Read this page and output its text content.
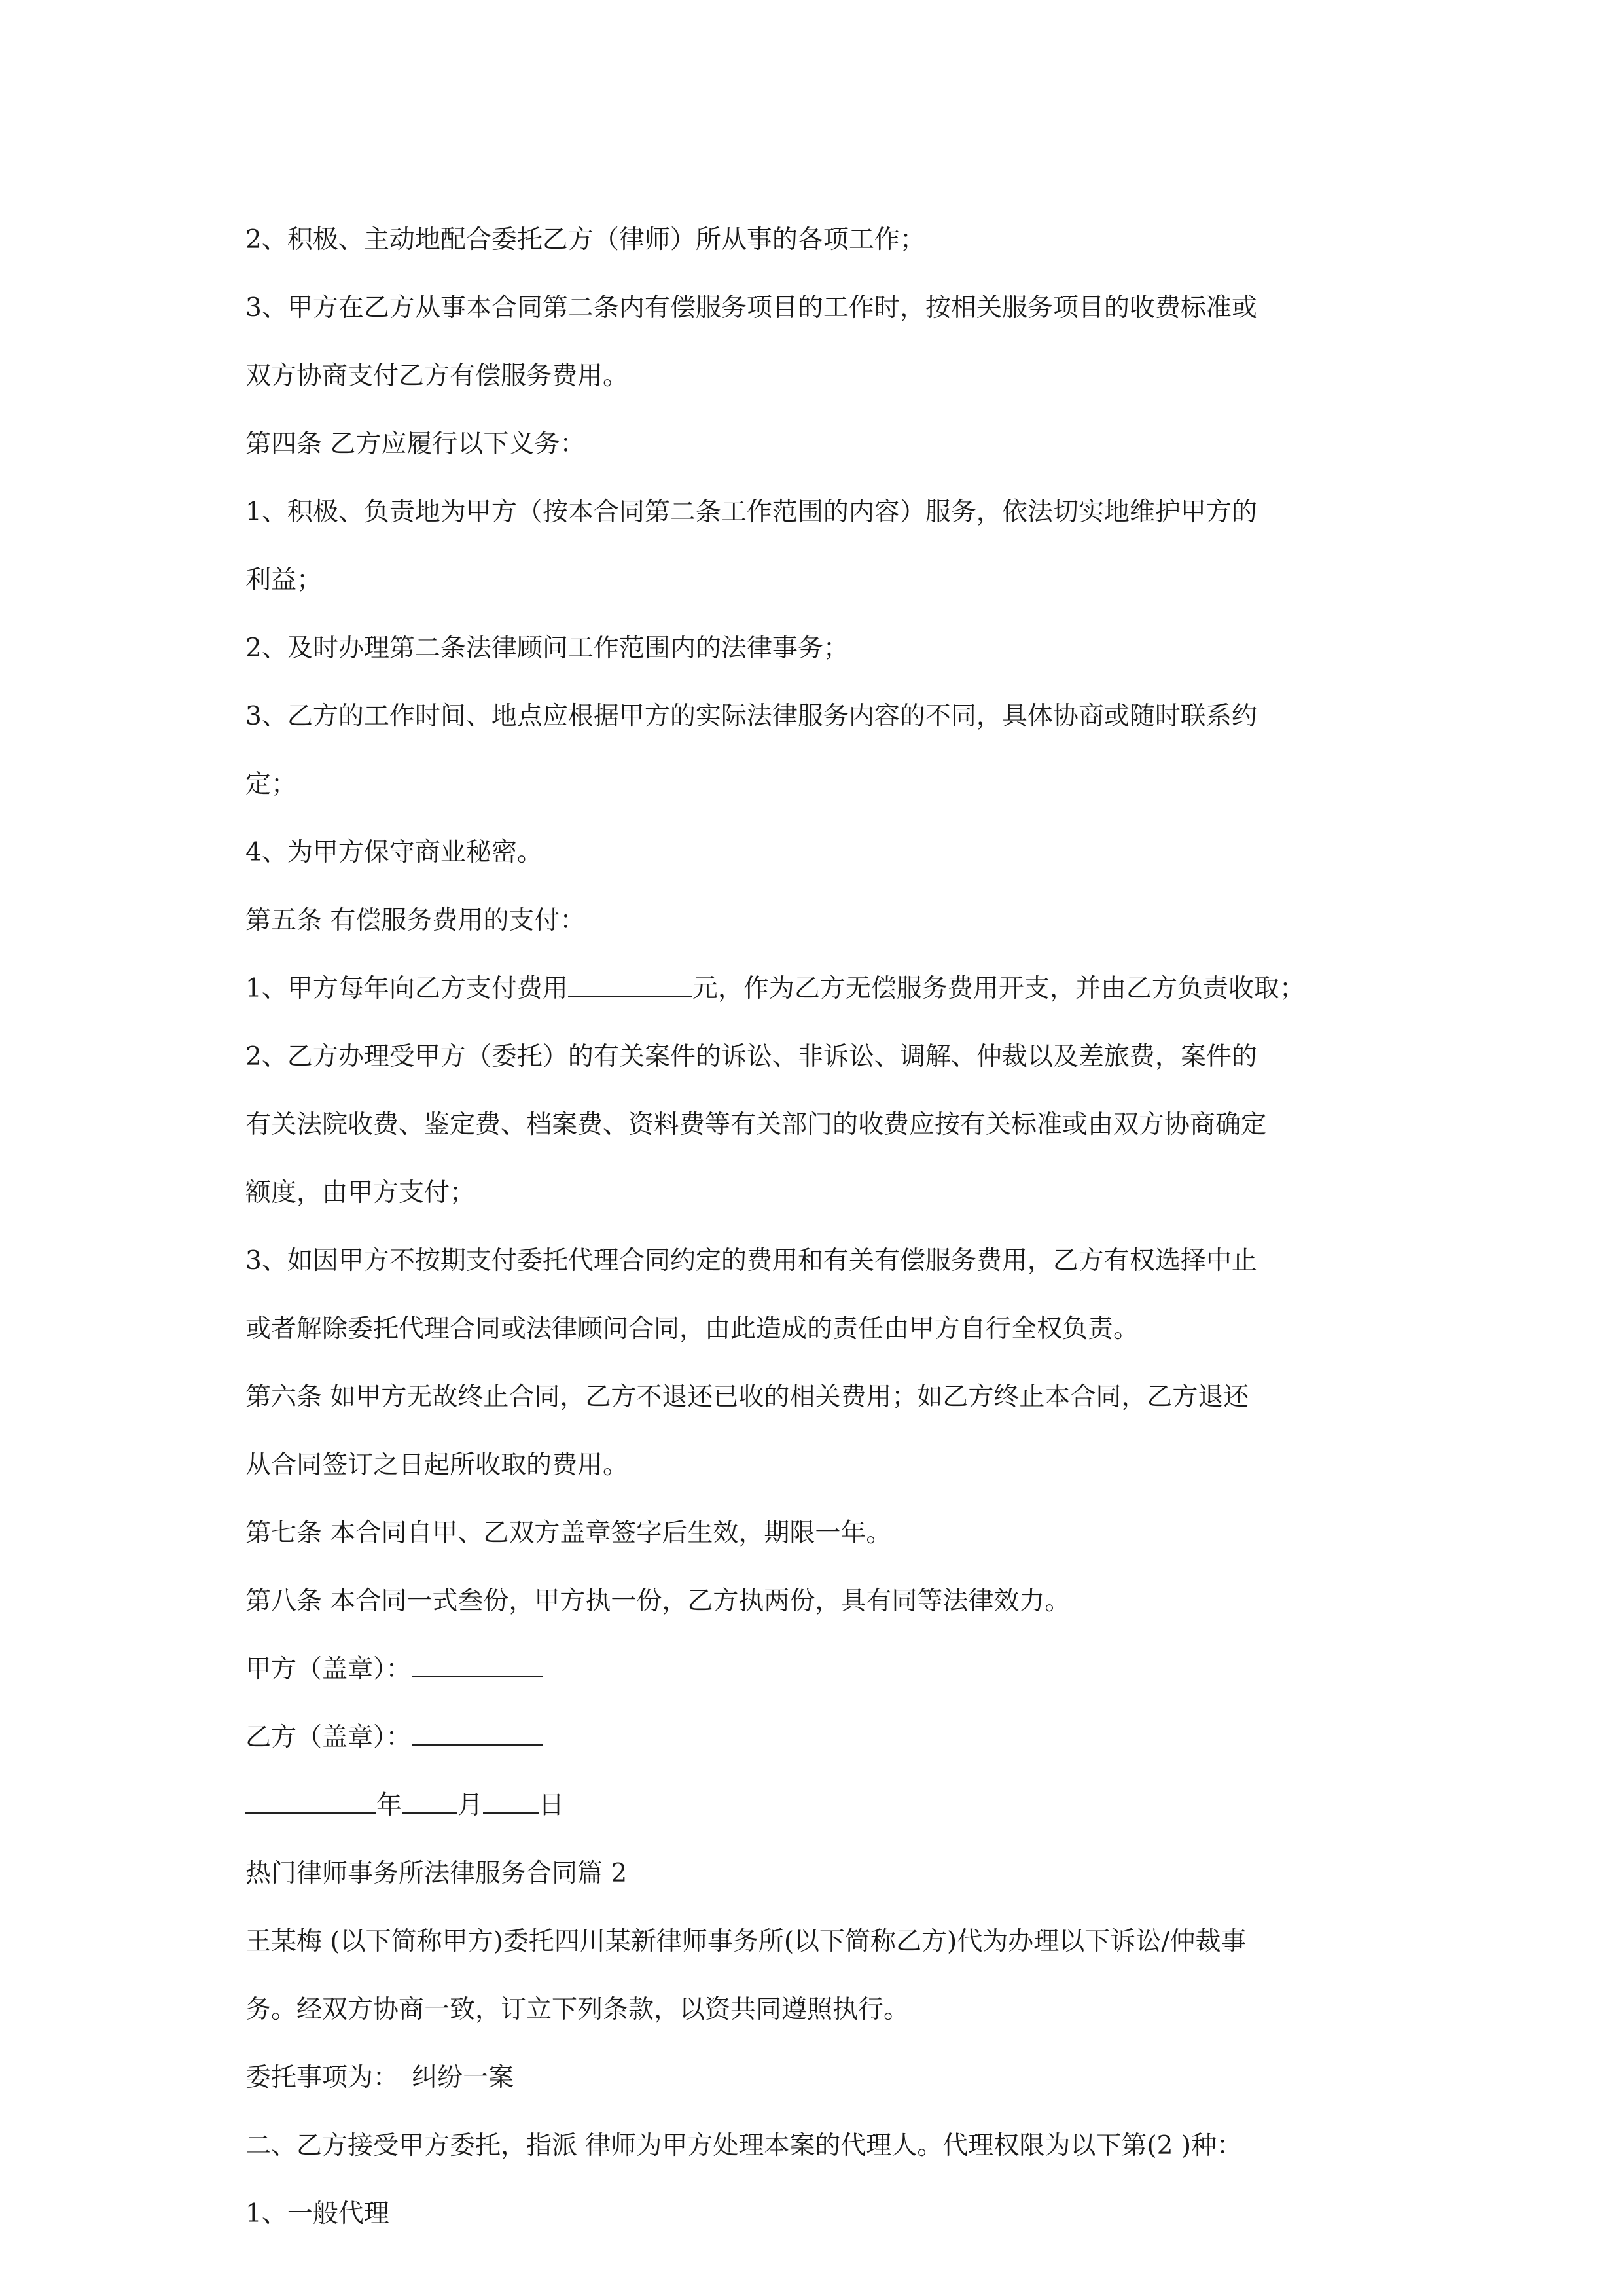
2、积极、主动地配合委托乙方（律师）所从事的各项工作；
3、甲方在乙方从事本合同第二条内有偿服务项目的工作时，按相关服务项目的收费标准或
双方协商支付乙方有偿服务费用。
第四条 乙方应履行以下义务：
1、积极、负责地为甲方（按本合同第二条工作范围的内容）服务，依法切实地维护甲方的
利益；
2、及时办理第二条法律顾问工作范围内的法律事务；
3、乙方的工作时间、地点应根据甲方的实际法律服务内容的不同，具体协商或随时联系约
定；
4、为甲方保守商业秘密。
第五条 有偿服务费用的支付：
1、甲方每年向乙方支付费用	元，作为乙方无偿服务费用开支，并由乙方负责收取；
2、乙方办理受甲方（委托）的有关案件的诉讼、非诉讼、调解、仲裁以及差旅费，案件的
有关法院收费、鉴定费、档案费、资料费等有关部门的收费应按有关标准或由双方协商确定
额度，由甲方支付；
3、如因甲方不按期支付委托代理合同约定的费用和有关有偿服务费用，乙方有权选择中止
或者解除委托代理合同或法律顾问合同，由此造成的责任由甲方自行全权负责。
第六条 如甲方无故终止合同，乙方不退还已收的相关费用；如乙方终止本合同，乙方退还
从合同签订之日起所收取的费用。
第七条 本合同自甲、乙双方盖章签字后生效，期限一年。
第八条 本合同一式叁份，甲方执一份，乙方执两份，具有同等法律效力。
甲方（盖章）：
乙方（盖章）：
年 月 日
热门律师事务所法律服务合同篇 2
王某梅 (以下简称甲方)委托四川某新律师事务所(以下简称乙方)代为办理以下诉讼/仲裁事
务。经双方协商一致，订立下列条款，以资共同遵照执行。
委托事项为： 纠纷一案
二、乙方接受甲方委托，指派 律师为甲方处理本案的代理人。代理权限为以下第(2 )种：
1、一般代理
